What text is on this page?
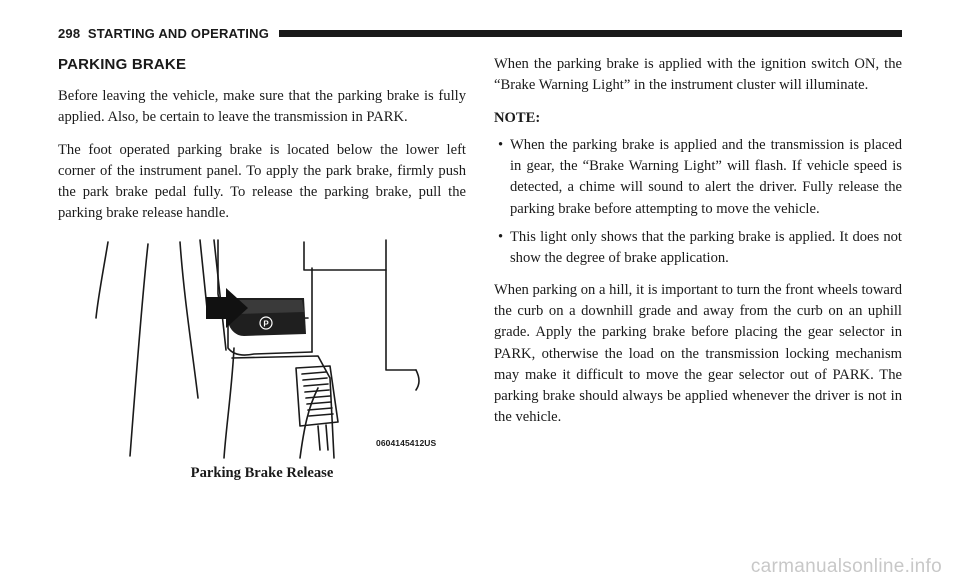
298 STARTING AND OPERATING
PARKING BRAKE

Before leaving the vehicle, make sure that the parking brake is fully applied. Also, be certain to leave the transmission in PARK.

The foot operated parking brake is located below the lower left corner of the instrument panel. To apply the park brake, firmly push the park brake pedal fully. To release the parking brake, pull the parking brake release handle.

P
0604145412US
Parking Brake Release

When the parking brake is applied with the ignition switch ON, the “Brake Warning Light” in the instrument cluster will illuminate.

NOTE:

• When the parking brake is applied and the transmission is placed in gear, the “Brake Warning Light” will flash. If vehicle speed is detected, a chime will sound to alert the driver. Fully release the parking brake before attempting to move the vehicle.
• This light only shows that the parking brake is applied. It does not show the degree of brake application.

When parking on a hill, it is important to turn the front wheels toward the curb on a downhill grade and away from the curb on an uphill grade. Apply the parking brake before placing the gear selector in PARK, otherwise the load on the transmission locking mechanism may make it difficult to move the gear selector out of PARK. The parking brake should always be applied whenever the driver is not in the vehicle.

carmanualsonline.info
